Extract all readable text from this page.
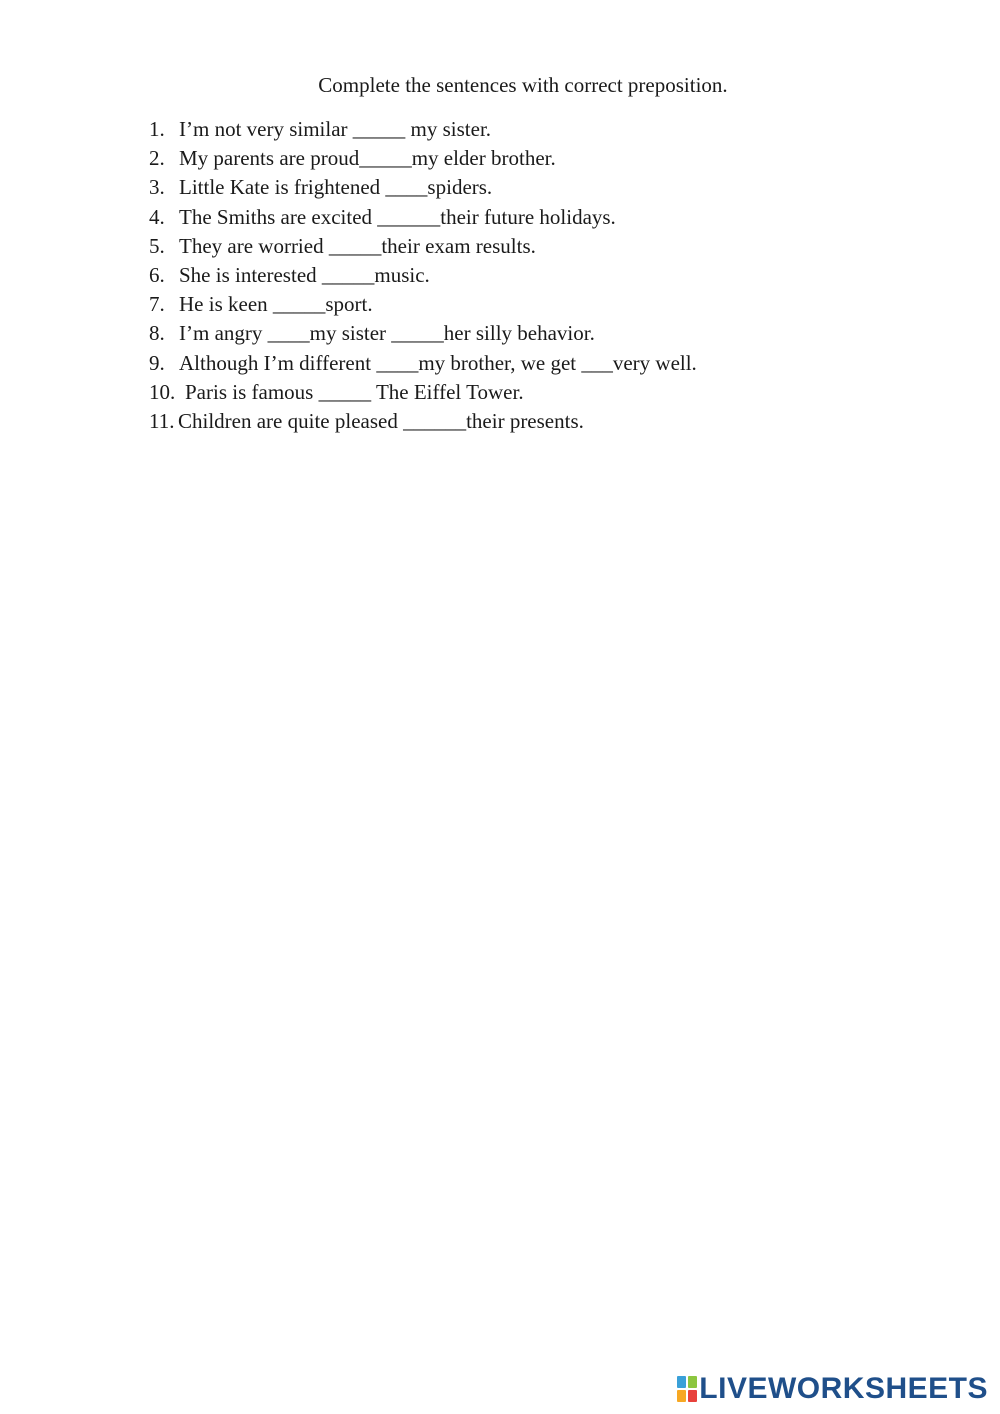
Complete the sentences with correct preposition.
1. I’m not very similar _____ my sister.
2. My parents are proud_____my elder brother.
3. Little Kate is frightened ____spiders.
4. The Smiths are excited ______their future holidays.
5. They are worried _____their exam results.
6. She is interested _____music.
7. He is keen _____sport.
8. I’m angry ____my sister _____her silly behavior.
9. Although I’m different ____my brother, we get ___very well.
10. Paris is famous _____ The Eiffel Tower.
11. Children are quite pleased ______their presents.
LIVEWORKSHEETS
